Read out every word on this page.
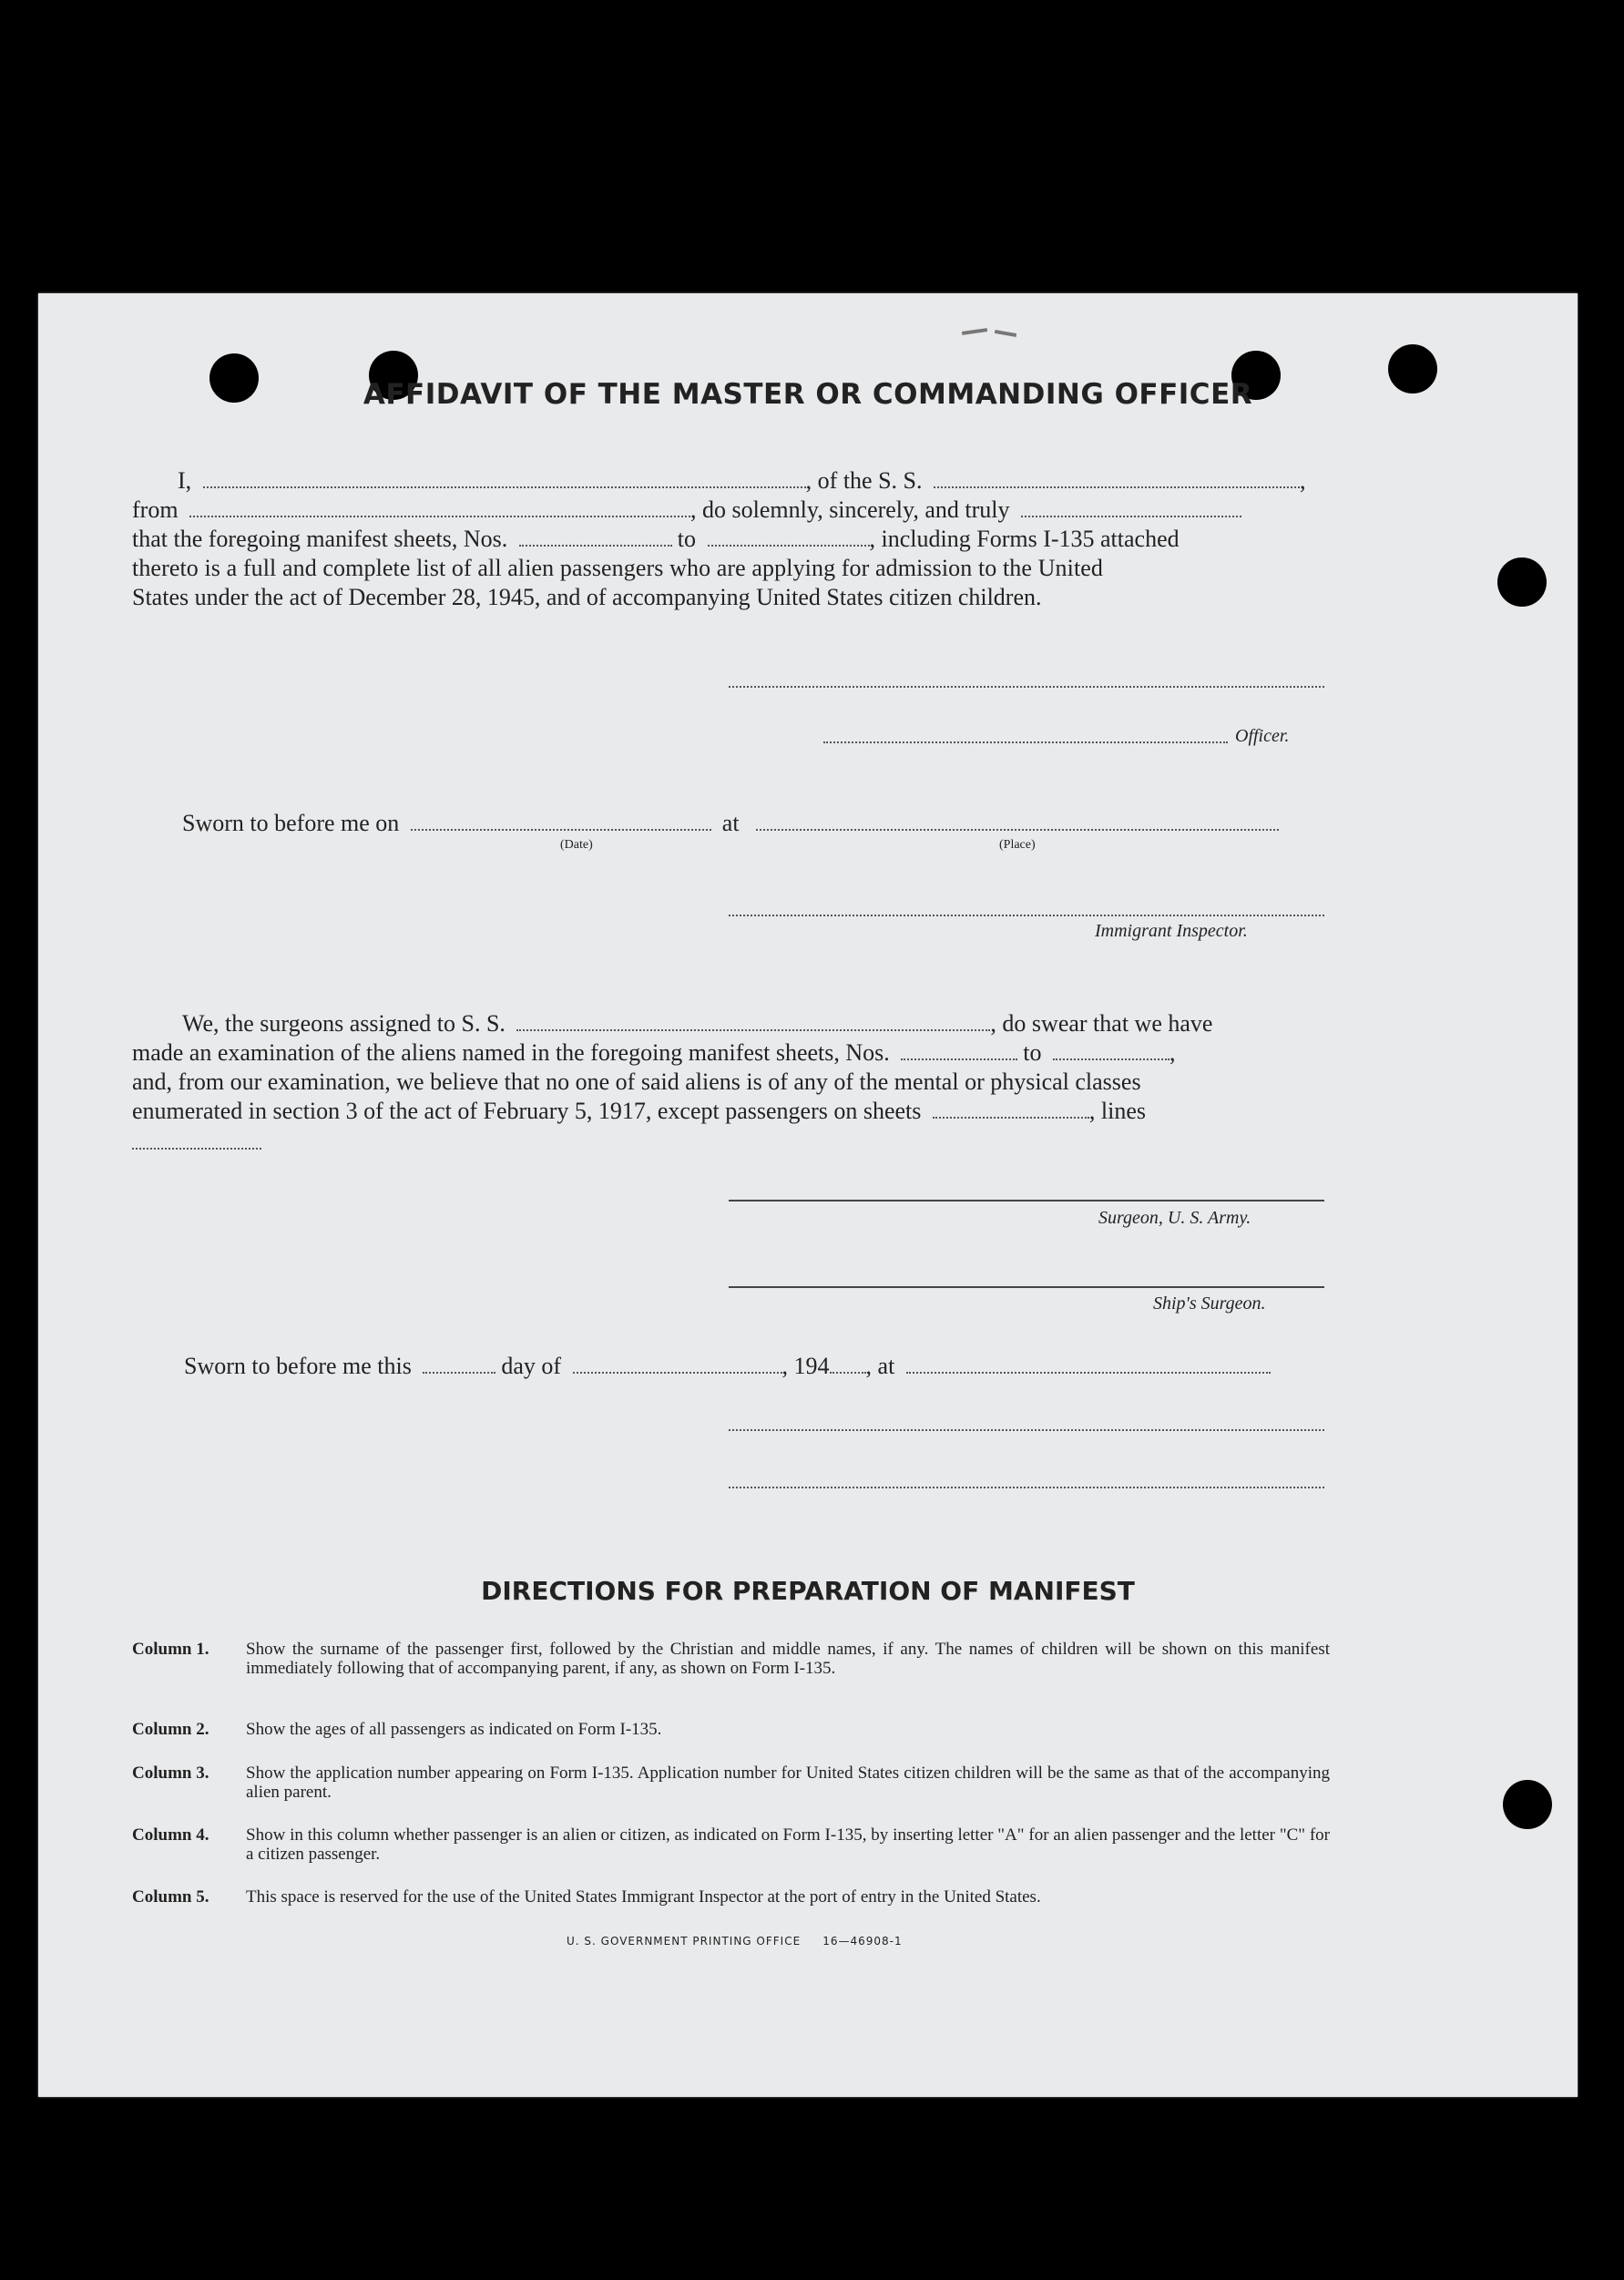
AFFIDAVIT OF THE MASTER OR COMMANDING OFFICER
I,	, of the S. S.	,
from	, do solemnly, sincerely, and truly
that the foregoing manifest sheets, Nos.	to	, including Forms I-135 attached
thereto is a full and complete list of all alien passengers who are applying for admission to the United
States under the act of December 28, 1945, and of accompanying United States citizen children.
Officer.
Sworn to before me on	at
(Date)	(Place)
Immigrant Inspector.
We, the surgeons assigned to S. S.	, do swear that we have
made an examination of the aliens named in the foregoing manifest sheets, Nos.	to	,
and, from our examination, we believe that no one of said aliens is of any of the mental or physical classes
enumerated in section 3 of the act of February 5, 1917, except passengers on sheets	, lines
Surgeon, U. S. Army.
Ship's Surgeon.
Sworn to before me this	day of	, 194 , at
DIRECTIONS FOR PREPARATION OF MANIFEST
Column 1. Show the surname of the passenger first, followed by the Christian and middle names, if any. The names of children will be shown on this manifest immediately following that of accompanying parent, if any, as shown on Form I-135.
Column 2. Show the ages of all passengers as indicated on Form I-135.
Column 3. Show the application number appearing on Form I-135. Application number for United States citizen children will be the same as that of the accompanying alien parent.
Column 4. Show in this column whether passenger is an alien or citizen, as indicated on Form I-135, by inserting letter "A" for an alien passenger and the letter "C" for a citizen passenger.
Column 5. This space is reserved for the use of the United States Immigrant Inspector at the port of entry in the United States.
U. S. GOVERNMENT PRINTING OFFICE 16—46908-1
